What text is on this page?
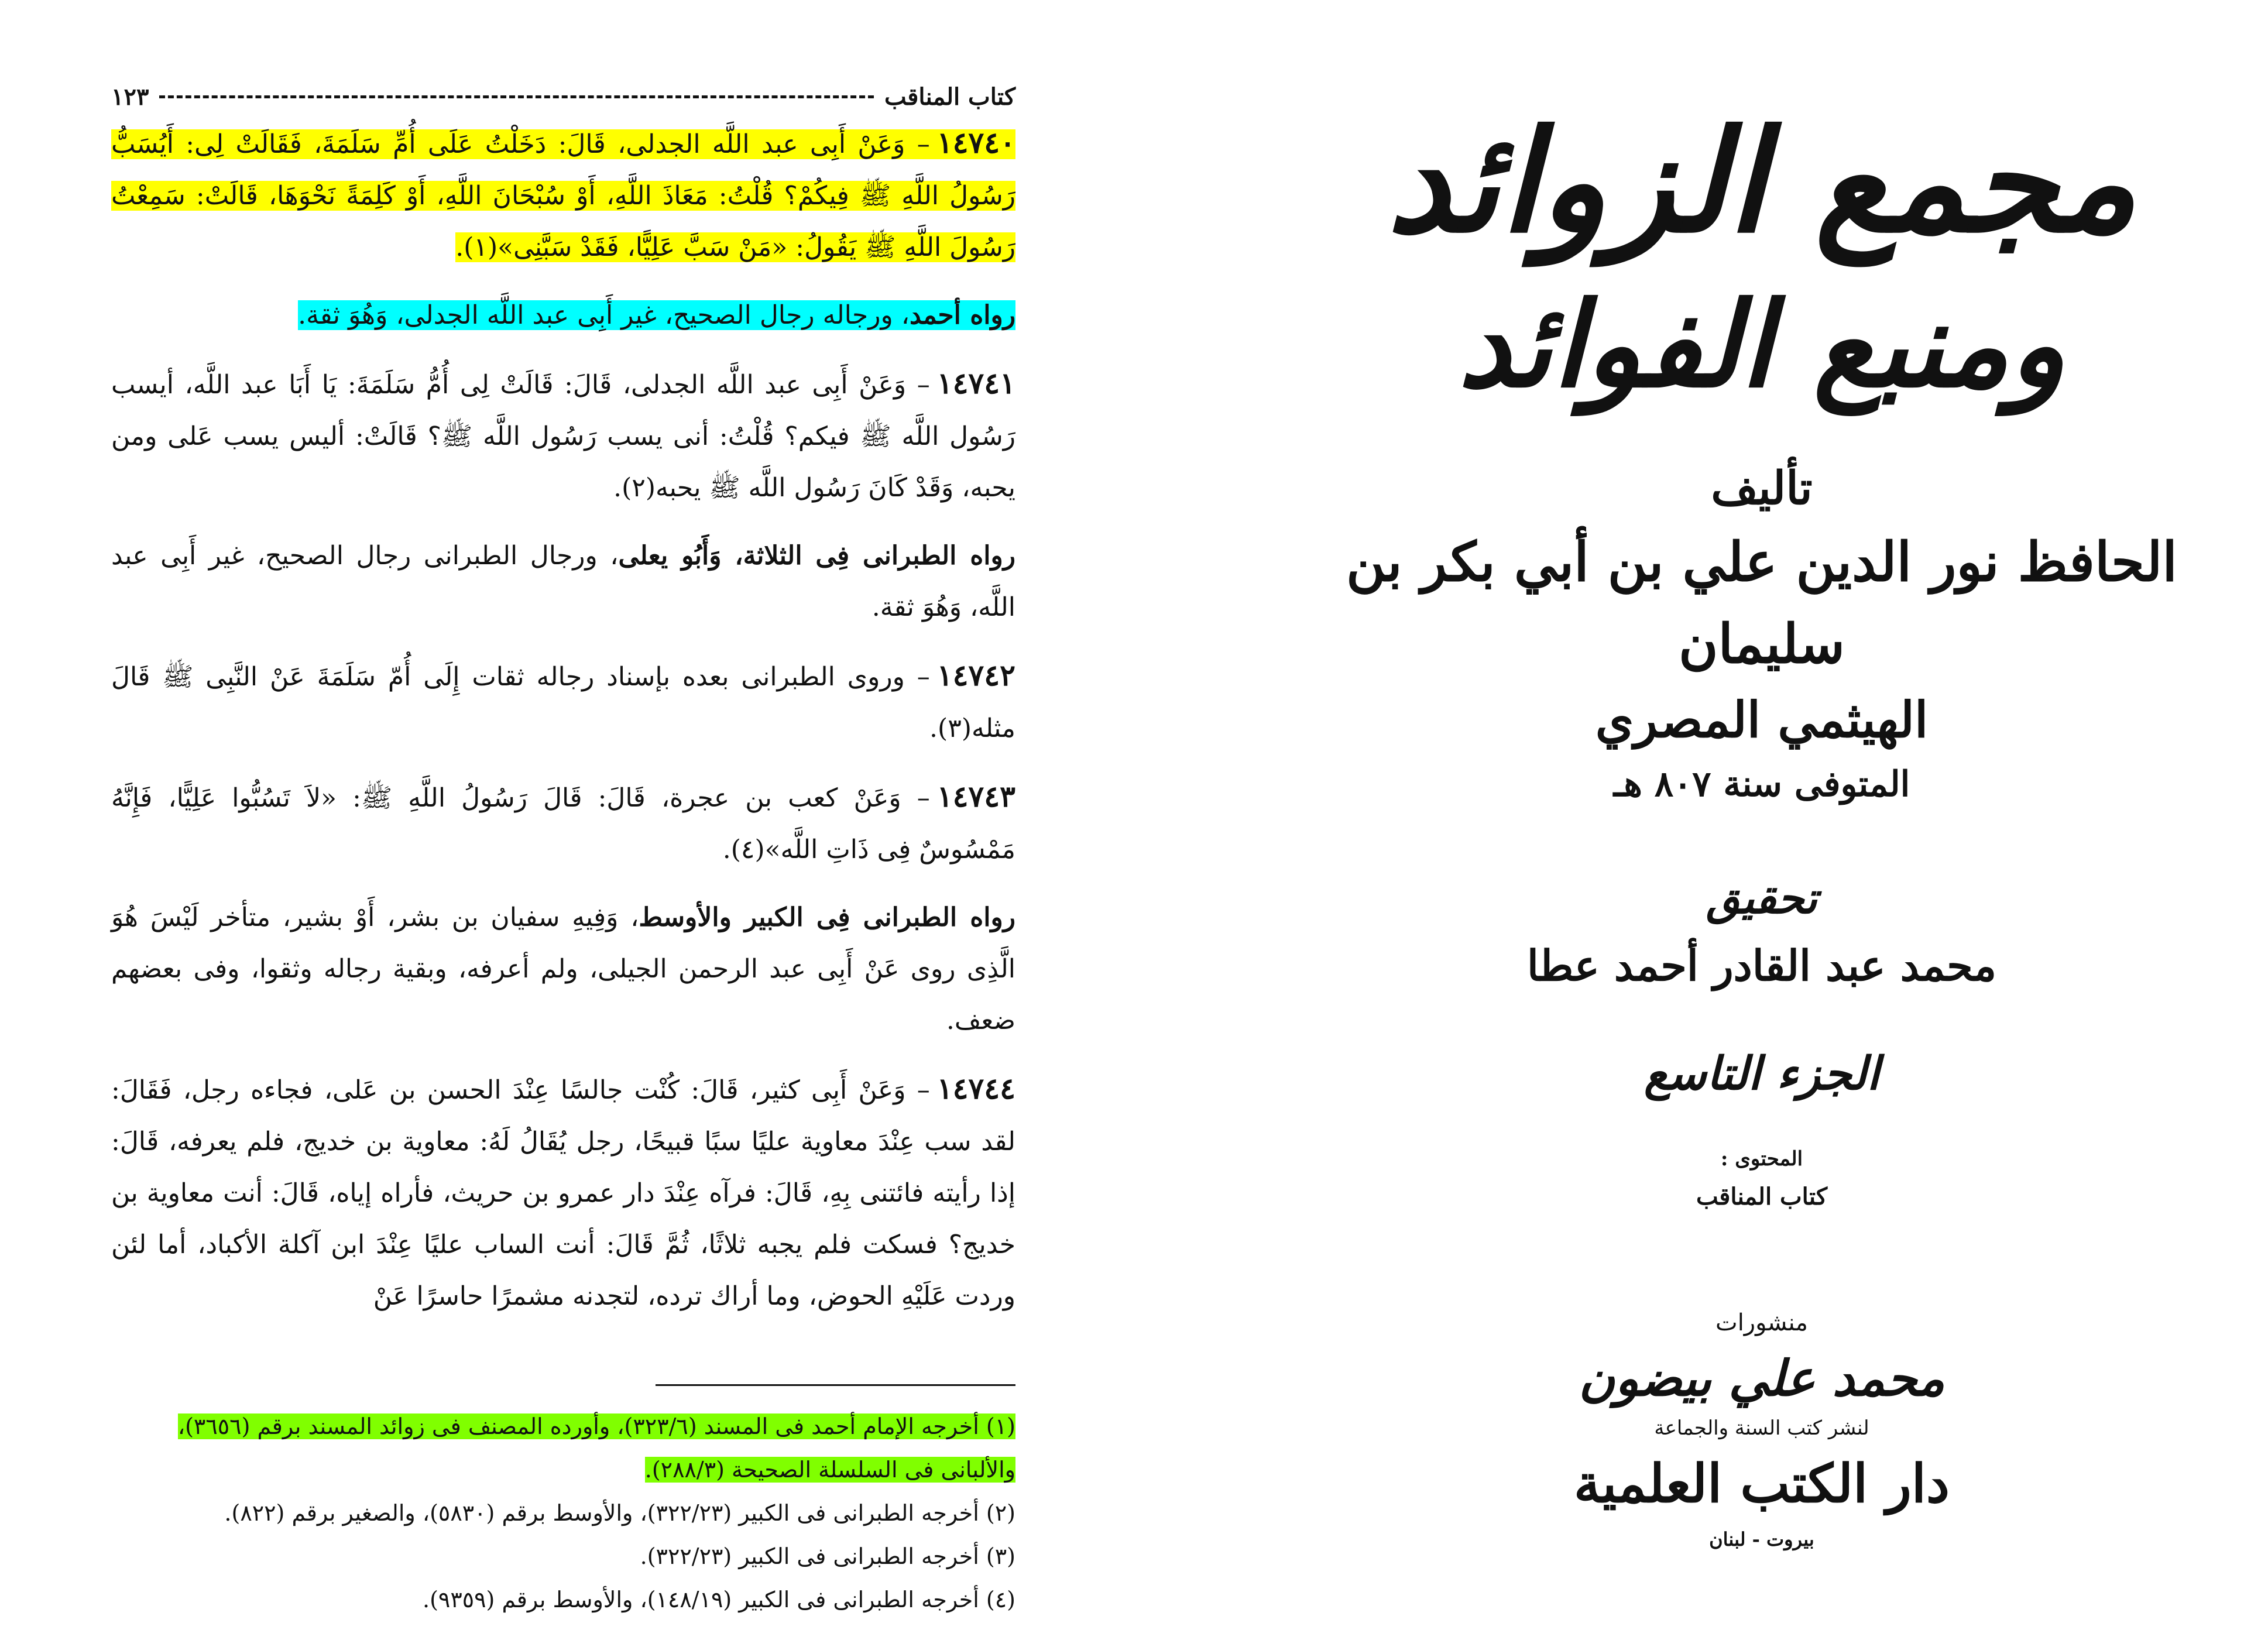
كتاب المناقب
١٢٣

١٤٧٤٠– وَعَنْ أَبِى عبد اللَّه الجدلى، قَالَ: دَخَلْتُ عَلَى أُمِّ سَلَمَةَ، فَقَالَتْ لِى: أَيُسَبُّ رَسُولُ اللَّهِ ﷺ فِيكُمْ؟ قُلْتُ: مَعَاذَ اللَّهِ، أَوْ سُبْحَانَ اللَّهِ، أَوْ كَلِمَةً نَحْوَهَا، قَالَتْ: سَمِعْتُ رَسُولَ اللَّهِ ﷺ يَقُولُ: «مَنْ سَبَّ عَلِيًّا، فَقَدْ سَبَّنِى»(١).

رواه أحمد، ورجاله رجال الصحيح، غير أَبِى عبد اللَّه الجدلى، وَهُوَ ثقة.

١٤٧٤١– وَعَنْ أَبِى عبد اللَّه الجدلى، قَالَ: قَالَتْ لِى أُمُّ سَلَمَةَ: يَا أَبَا عبد اللَّه، أيسب رَسُول اللَّه ﷺ فيكم؟ قُلْتُ: أنى يسب رَسُول اللَّه ﷺ؟ قَالَتْ: أليس يسب عَلى ومن يحبه، وَقَدْ كَانَ رَسُول اللَّه ﷺ يحبه(٢).

رواه الطبرانى فِى الثلاثة، وَأَبُو يعلى، ورجال الطبرانى رجال الصحيح، غير أَبِى عبد اللَّه، وَهُوَ ثقة.

١٤٧٤٢– وروى الطبرانى بعده بإسناد رجاله ثقات إِلَى أُمّ سَلَمَةَ عَنْ النَّبِى ﷺ قَالَ مثله(٣).

١٤٧٤٣– وَعَنْ كعب بن عجرة، قَالَ: قَالَ رَسُولُ اللَّهِ ﷺ: «لاَ تَسُبُّوا عَلِيًّا، فَإِنَّهُ مَمْسُوسٌ فِى ذَاتِ اللَّه»(٤).

رواه الطبرانى فِى الكبير والأوسط، وَفِيهِ سفيان بن بشر، أَوْ بشير، متأخر لَيْسَ هُوَ الَّذِى روى عَنْ أَبِى عبد الرحمن الجيلى، ولم أعرفه، وبقية رجاله وثقوا، وفى بعضهم ضعف.

١٤٧٤٤– وَعَنْ أَبِى كثير، قَالَ: كُنْت جالسًا عِنْدَ الحسن بن عَلى، فجاءه رجل، فَقَالَ: لقد سب عِنْدَ معاوية عليًا سبًا قبيحًا، رجل يُقَالُ لَهُ: معاوية بن خديج، فلم يعرفه، قَالَ: إذا رأيته فائتنى بِهِ، قَالَ: فرآه عِنْدَ دار عمرو بن حريث، فأراه إياه، قَالَ: أنت معاوية بن خديج؟ فسكت فلم يجبه ثلاثًا، ثُمَّ قَالَ: أنت الساب عليًا عِنْدَ ابن آكلة الأكباد، أما لئن وردت عَلَيْهِ الحوض، وما أراك ترده، لتجدنه مشمرًا حاسرًا عَنْ

(١) أخرجه الإمام أحمد فى المسند (٣٢٣/٦)، وأورده المصنف فى زوائد المسند برقم (٣٦٥٦)، والألبانى فى السلسلة الصحيحة (٢٨٨/٣).

(٢) أخرجه الطبرانى فى الكبير (٣٢٢/٢٣)، والأوسط برقم (٥٨٣٠)، والصغير برقم (٨٢٢).

(٣) أخرجه الطبرانى فى الكبير (٣٢٢/٢٣).

(٤) أخرجه الطبرانى فى الكبير (١٤٨/١٩)، والأوسط برقم (٩٣٥٩).

مجمع الزوائد

ومنبع الفوائد

تأليف

الحافظ نور الدين علي بن أبي بكر بن سليمان

الهيثمي المصري

المتوفى سنة ٨٠٧ هـ

تحقيق

محمد عبد القادر أحمد عطا

الجزء التاسع

المحتوى :

كتاب المناقب

منشورات

محمد علي بيضون

لنشر كتب السنة والجماعة

دار الكتب العلمية

بيروت - لبنان
